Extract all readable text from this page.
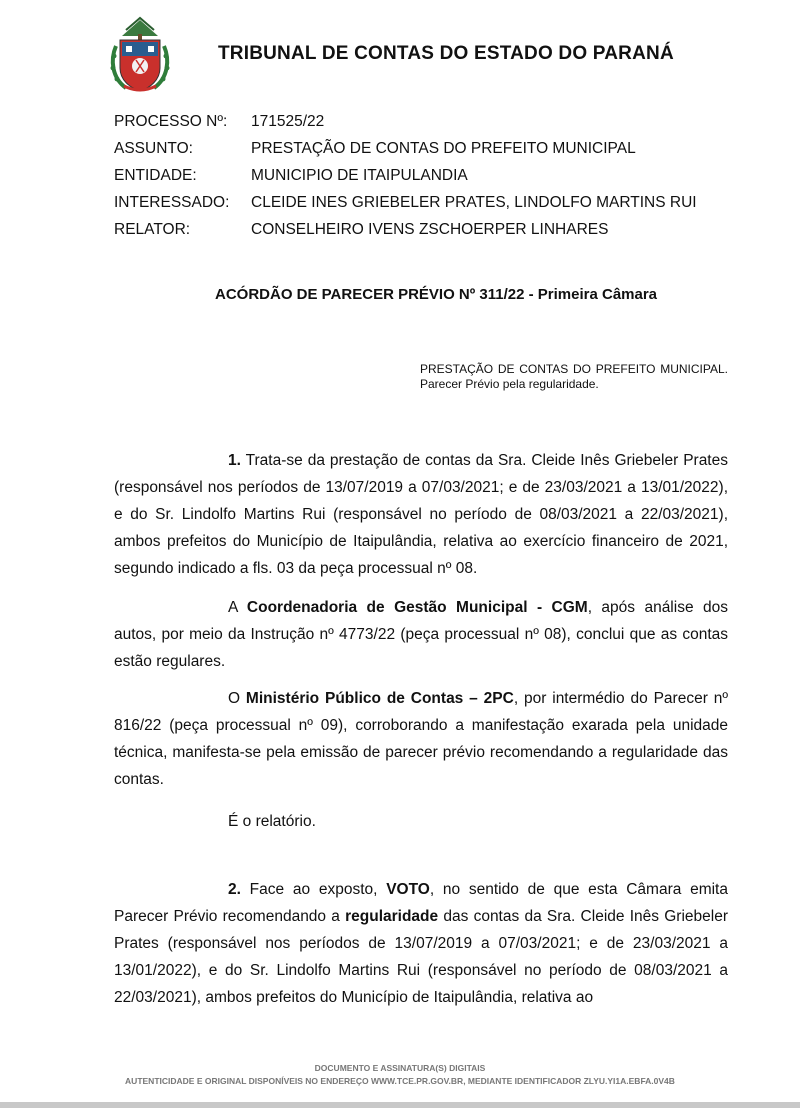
TRIBUNAL DE CONTAS DO ESTADO DO PARANÁ
PROCESSO Nº: 171525/22
ASSUNTO:	PRESTAÇÃO DE CONTAS DO PREFEITO MUNICIPAL
ENTIDADE:	MUNICIPIO DE ITAIPULANDIA
INTERESSADO: CLEIDE INES GRIEBELER PRATES, LINDOLFO MARTINS RUI
RELATOR:	CONSELHEIRO IVENS ZSCHOERPER LINHARES
ACÓRDÃO DE PARECER PRÉVIO Nº 311/22 - Primeira Câmara
PRESTAÇÃO DE CONTAS DO PREFEITO MUNICIPAL. Parecer Prévio pela regularidade.
1. Trata-se da prestação de contas da Sra. Cleide Inês Griebeler Prates (responsável nos períodos de 13/07/2019 a 07/03/2021; e de 23/03/2021 a 13/01/2022), e do Sr. Lindolfo Martins Rui (responsável no período de 08/03/2021 a 22/03/2021), ambos prefeitos do Município de Itaipulândia, relativa ao exercício financeiro de 2021, segundo indicado a fls. 03 da peça processual nº 08.
A Coordenadoria de Gestão Municipal - CGM, após análise dos autos, por meio da Instrução nº 4773/22 (peça processual nº 08), conclui que as contas estão regulares.
O Ministério Público de Contas – 2PC, por intermédio do Parecer nº 816/22 (peça processual nº 09), corroborando a manifestação exarada pela unidade técnica, manifesta-se pela emissão de parecer prévio recomendando a regularidade das contas.
É o relatório.
2. Face ao exposto, VOTO, no sentido de que esta Câmara emita Parecer Prévio recomendando a regularidade das contas da Sra. Cleide Inês Griebeler Prates (responsável nos períodos de 13/07/2019 a 07/03/2021; e de 23/03/2021 a 13/01/2022), e do Sr. Lindolfo Martins Rui (responsável no período de 08/03/2021 a 22/03/2021), ambos prefeitos do Município de Itaipulândia, relativa ao
DOCUMENTO E ASSINATURA(S) DIGITAIS
AUTENTICIDADE E ORIGINAL DISPONÍVEIS NO ENDEREÇO WWW.TCE.PR.GOV.BR, MEDIANTE IDENTIFICADOR ZLYU.YI1A.EBFA.0V4B
